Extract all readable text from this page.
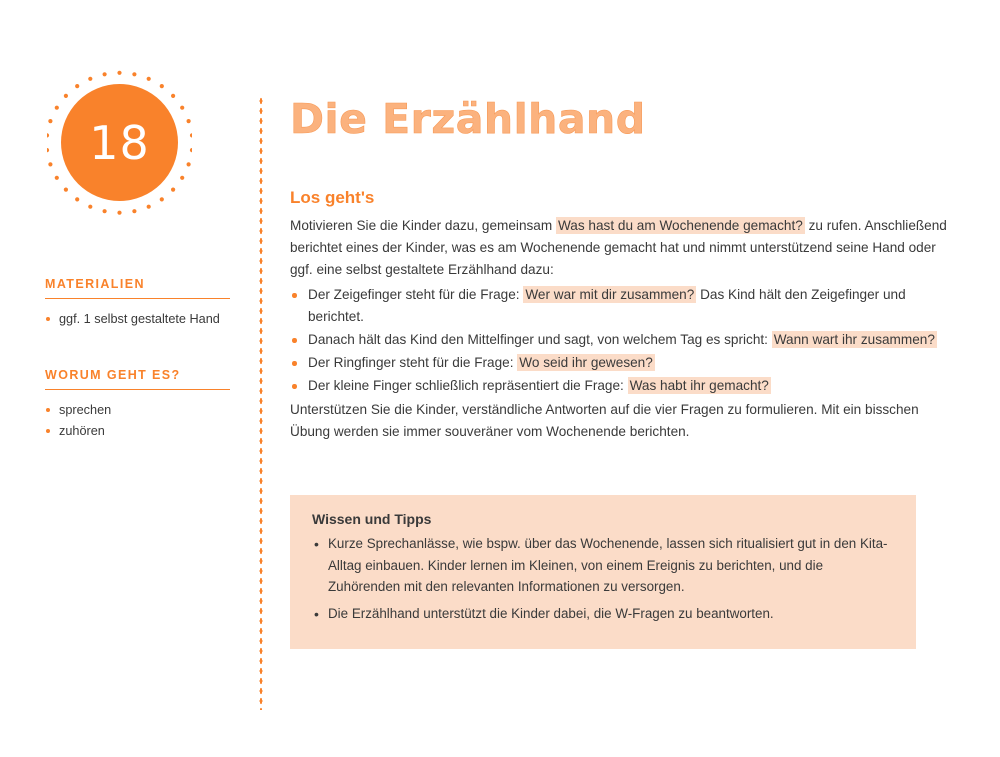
18
MATERIALIEN
ggf. 1 selbst gestaltete Hand
WORUM GEHT ES?
sprechen
zuhören
Die Erzählhand
Los geht's

Motivieren Sie die Kinder dazu, gemeinsam Was hast du am Wochenende gemacht? zu rufen. Anschließend berichtet eines der Kinder, was es am Wochenende gemacht hat und nimmt unterstützend seine Hand oder ggf. eine selbst gestaltete Erzählhand dazu:

Der Zeigefinger steht für die Frage: Wer war mit dir zusammen? Das Kind hält den Zeigefinger und berichtet.
Danach hält das Kind den Mittelfinger und sagt, von welchem Tag es spricht: Wann wart ihr zusammen?
Der Ringfinger steht für die Frage: Wo seid ihr gewesen?
Der kleine Finger schließlich repräsentiert die Frage: Was habt ihr gemacht?

Unterstützen Sie die Kinder, verständliche Antworten auf die vier Fragen zu formulieren. Mit ein bisschen Übung werden sie immer souveräner vom Wochenende berichten.

Wissen und Tipps
• Kurze Sprechanlässe, wie bspw. über das Wochenende, lassen sich ritualisiert gut in den Kita-Alltag einbauen. Kinder lernen im Kleinen, von einem Ereignis zu berichten, und die Zuhörenden mit den relevanten Informationen zu versorgen.
• Die Erzählhand unterstützt die Kinder dabei, die W-Fragen zu beantworten.
